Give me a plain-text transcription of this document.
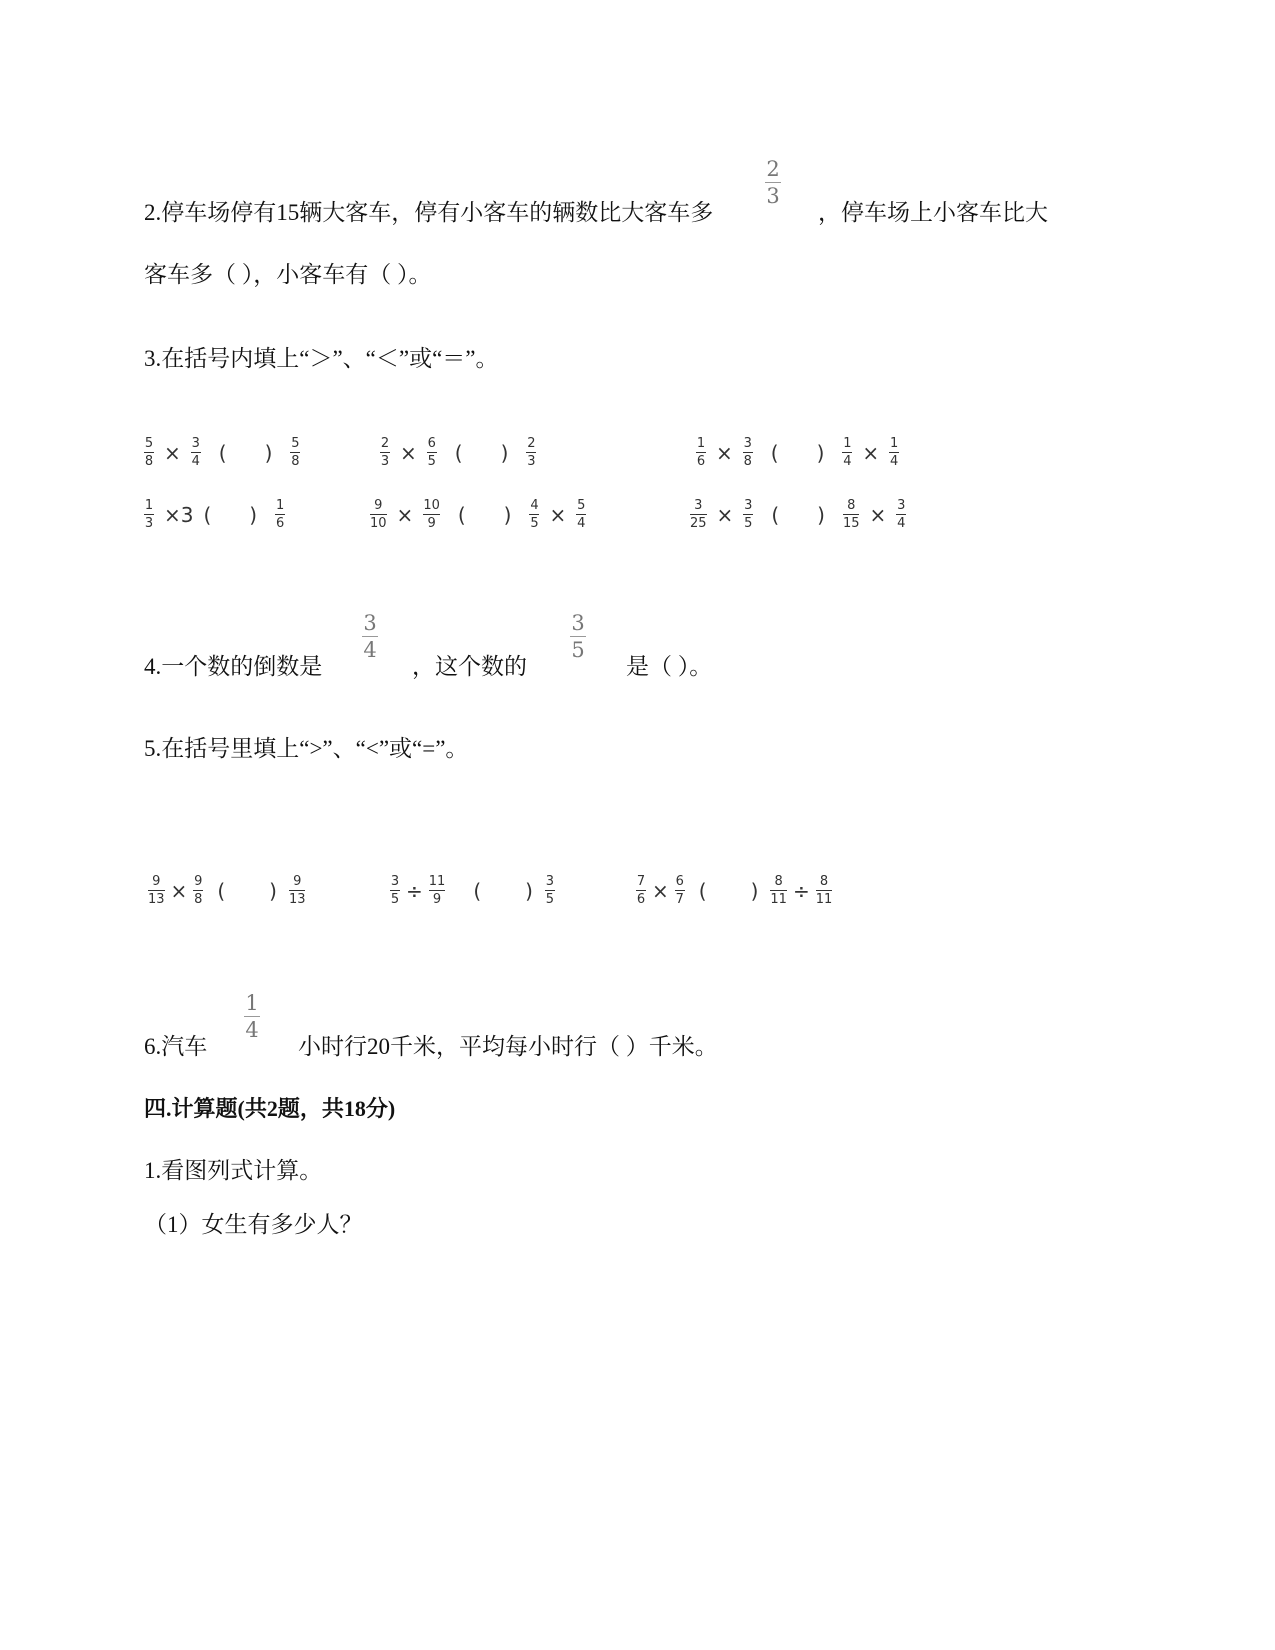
2.停车场停有15辆大客车，停有小客车的辆数比大客车多
2
3
，停车场上小客车比大
客车多（ ），小客车有（ ）。
3.在括号内填上“＞”、“＜”或“＝”。
5
8 × 3
4 ( ) 5
8
2
3 × 6
5 ( ) 2
3
1
6 × 3
8 ( ) 1
4 × 1
4
1
3 ×3 ( ) 1
6
9
10 × 10
9 ( ) 4
5 × 5
4
3
25 × 3
5 ( ) 8
15 × 3
4
4.一个数的倒数是
3
4
，这个数的
3
5
是（ ）。
5.在括号里填上“>”、“<”或“=”。
9
13 × 9
8 ( ) 9
13
3
5 ÷ 11
9 ( ) 3
5
7
6 × 6
7 ( ) 8
11 ÷ 8
11
6.汽车
1
4
小时行20千米，平均每小时行（ ）千米。
四.计算题(共2题，共18分)
1.看图列式计算。
（1）女生有多少人？
